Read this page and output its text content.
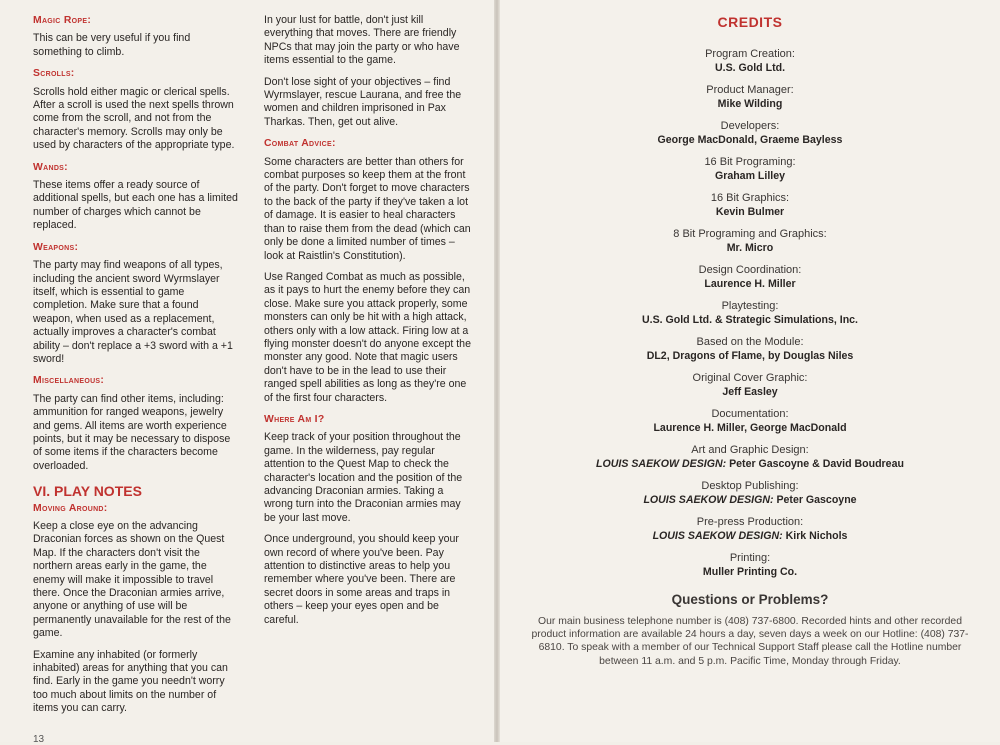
Magic Rope:

This can be very useful if you find something to climb.

Scrolls:

Scrolls hold either magic or clerical spells. After a scroll is used the next spells thrown come from the scroll, and not from the character's memory. Scrolls may only be used by characters of the appropriate type.

Wands:

These items offer a ready source of additional spells, but each one has a limited number of charges which cannot be replaced.

Weapons:

The party may find weapons of all types, including the ancient sword Wyrmslayer itself, which is essential to game completion. Make sure that a found weapon, when used as a replacement, actually improves a character's combat ability – don't replace a +3 sword with a +1 sword!

Miscellaneous:

The party can find other items, including: ammunition for ranged weapons, jewelry and gems. All items are worth experience points, but it may be necessary to dispose of some items if the characters become overloaded.

VI. PLAY NOTES
Moving Around:

Keep a close eye on the advancing Draconian forces as shown on the Quest Map. If the characters don't visit the northern areas early in the game, the enemy will make it impossible to travel there. Once the Draconian armies arrive, anyone or anything of use will be permanently unavailable for the rest of the game.

Examine any inhabited (or formerly inhabited) areas for anything that you can find. Early in the game you needn't worry too much about limits on the number of items you can carry.

In your lust for battle, don't just kill everything that moves. There are friendly NPCs that may join the party or who have items essential to the game.

Don't lose sight of your objectives – find Wyrmslayer, rescue Laurana, and free the women and children imprisoned in Pax Tharkas. Then, get out alive.

Combat Advice:

Some characters are better than others for combat purposes so keep them at the front of the party. Don't forget to move characters to the back of the party if they've taken a lot of damage. It is easier to heal characters than to raise them from the dead (which can only be done a limited number of times – look at Raistlin's Constitution).

Use Ranged Combat as much as possible, as it pays to hurt the enemy before they can close. Make sure you attack properly, some monsters can only be hit with a high attack, others only with a low attack. Firing low at a flying monster doesn't do anyone except the monster any good. Note that magic users don't have to be in the lead to use their ranged spell abilities as long as they're one of the first four characters.

Where Am I?

Keep track of your position throughout the game. In the wilderness, pay regular attention to the Quest Map to check the character's location and the position of the advancing Draconian armies. Taking a wrong turn into the Draconian armies may be your last move.

Once underground, you should keep your own record of where you've been. Pay attention to distinctive areas to help you remember where you've been. There are secret doors in some areas and traps in others – keep your eyes open and be careful.

13
CREDITS
Program Creation:
U.S. Gold Ltd.
Product Manager:
Mike Wilding
Developers:
George MacDonald, Graeme Bayless
16 Bit Programing:
Graham Lilley
16 Bit Graphics:
Kevin Bulmer
8 Bit Programing and Graphics:
Mr. Micro
Design Coordination:
Laurence H. Miller
Playtesting:
U.S. Gold Ltd. & Strategic Simulations, Inc.
Based on the Module:
DL2, Dragons of Flame, by Douglas Niles
Original Cover Graphic:
Jeff Easley
Documentation:
Laurence H. Miller, George MacDonald
Art and Graphic Design:
LOUIS SAEKOW DESIGN: Peter Gascoyne & David Boudreau
Desktop Publishing:
LOUIS SAEKOW DESIGN: Peter Gascoyne
Pre-press Production:
LOUIS SAEKOW DESIGN: Kirk Nichols
Printing:
Muller Printing Co.
Questions or Problems?
Our main business telephone number is (408) 737-6800. Recorded hints and other recorded product information are available 24 hours a day, seven days a week on our Hotline: (408) 737-6810. To speak with a member of our Technical Support Staff please call the Hotline number between 11 a.m. and 5 p.m. Pacific Time, Monday through Friday.
